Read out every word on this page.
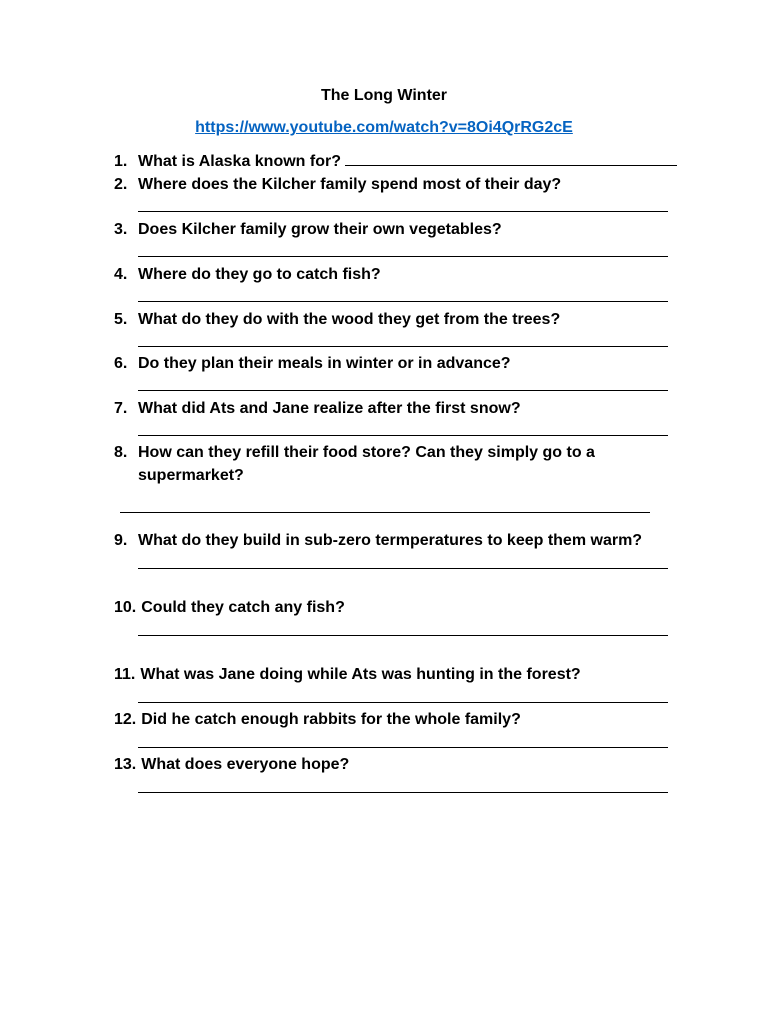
The Long Winter
https://www.youtube.com/watch?v=8Oi4QrRG2cE
1. What is Alaska known for?
2. Where does the Kilcher family spend most of their day?
3. Does Kilcher family grow their own vegetables?
4. Where do they go to catch fish?
5. What do they do with the wood they get from the trees?
6. Do they plan their meals in winter or in advance?
7. What did Ats and Jane realize after the first snow?
8. How can they refill their food store? Can they simply go to a
supermarket?
9. What do they build in sub-zero termperatures to keep them warm?
10. Could they catch any fish?
11. What was Jane doing while Ats was hunting in the forest?
12. Did he catch enough rabbits for the whole family?
13. What does everyone hope?
